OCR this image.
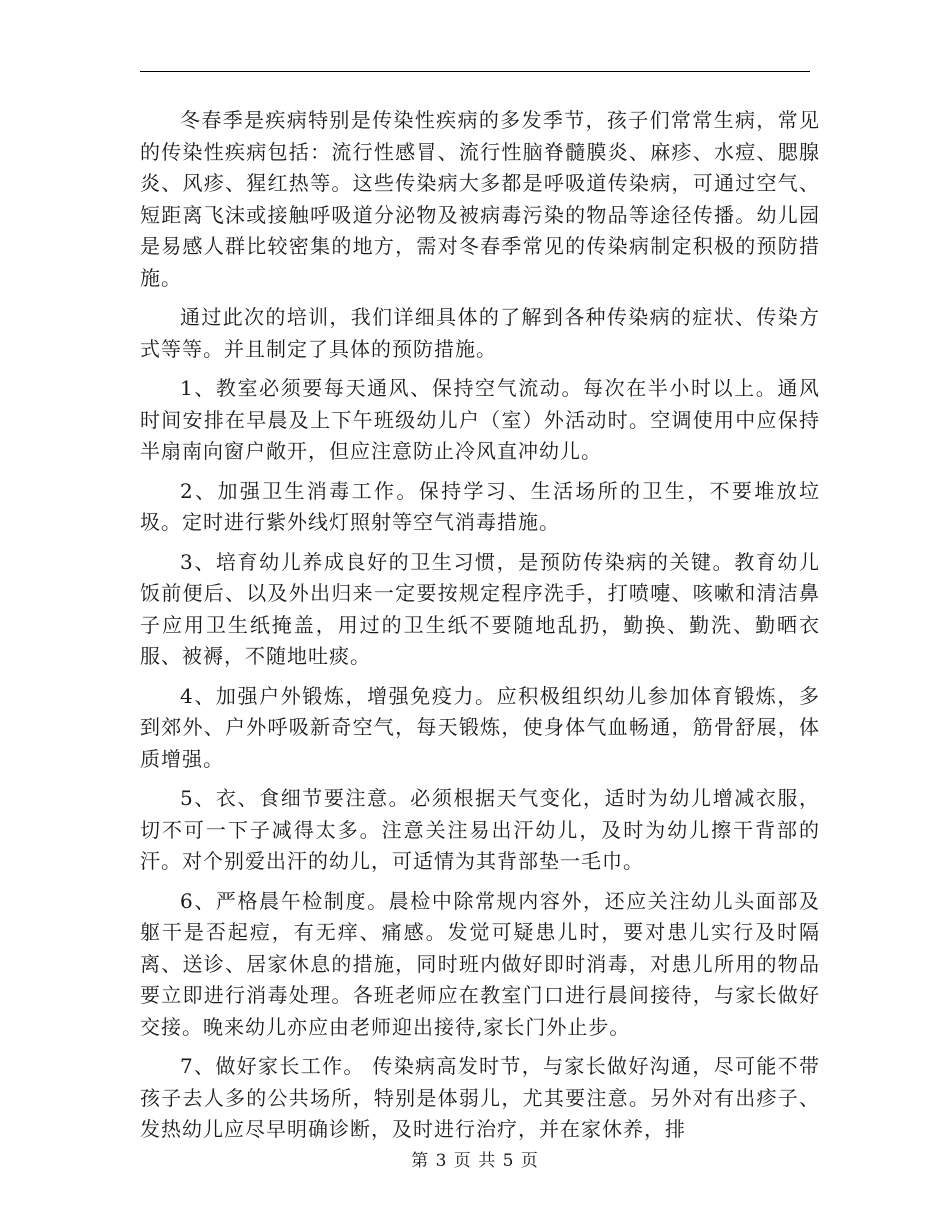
冬春季是疾病特别是传染性疾病的多发季节，孩子们常常生病，常见的传染性疾病包括：流行性感冒、流行性脑脊髓膜炎、麻疹、水痘、腮腺炎、风疹、猩红热等。这些传染病大多都是呼吸道传染病，可通过空气、短距离飞沫或接触呼吸道分泌物及被病毒污染的物品等途径传播。幼儿园是易感人群比较密集的地方，需对冬春季常见的传染病制定积极的预防措施。

通过此次的培训，我们详细具体的了解到各种传染病的症状、传染方式等等。并且制定了具体的预防措施。

1、教室必须要每天通风、保持空气流动。每次在半小时以上。通风时间安排在早晨及上下午班级幼儿户（室）外活动时。空调使用中应保持半扇南向窗户敞开，但应注意防止冷风直冲幼儿。

2、加强卫生消毒工作。保持学习、生活场所的卫生，不要堆放垃圾。定时进行紫外线灯照射等空气消毒措施。

3、培育幼儿养成良好的卫生习惯，是预防传染病的关键。教育幼儿饭前便后、以及外出归来一定要按规定程序洗手，打喷嚏、咳嗽和清洁鼻子应用卫生纸掩盖，用过的卫生纸不要随地乱扔，勤换、勤洗、勤晒衣服、被褥，不随地吐痰。

4、加强户外锻炼，增强免疫力。应积极组织幼儿参加体育锻炼，多到郊外、户外呼吸新奇空气，每天锻炼，使身体气血畅通，筋骨舒展，体质增强。

5、衣、食细节要注意。必须根据天气变化，适时为幼儿增减衣服，切不可一下子减得太多。注意关注易出汗幼儿，及时为幼儿擦干背部的汗。对个别爱出汗的幼儿，可适情为其背部垫一毛巾。

6、严格晨午检制度。晨检中除常规内容外，还应关注幼儿头面部及躯干是否起痘，有无痒、痛感。发觉可疑患儿时，要对患儿实行及时隔离、送诊、居家休息的措施，同时班内做好即时消毒，对患儿所用的物品要立即进行消毒处理。各班老师应在教室门口进行晨间接待，与家长做好交接。晚来幼儿亦应由老师迎出接待,家长门外止步。

7、做好家长工作。 传染病高发时节，与家长做好沟通，尽可能不带孩子去人多的公共场所，特别是体弱儿，尤其要注意。另外对有出疹子、发热幼儿应尽早明确诊断，及时进行治疗，并在家休养，排

第 3 页 共 5 页
